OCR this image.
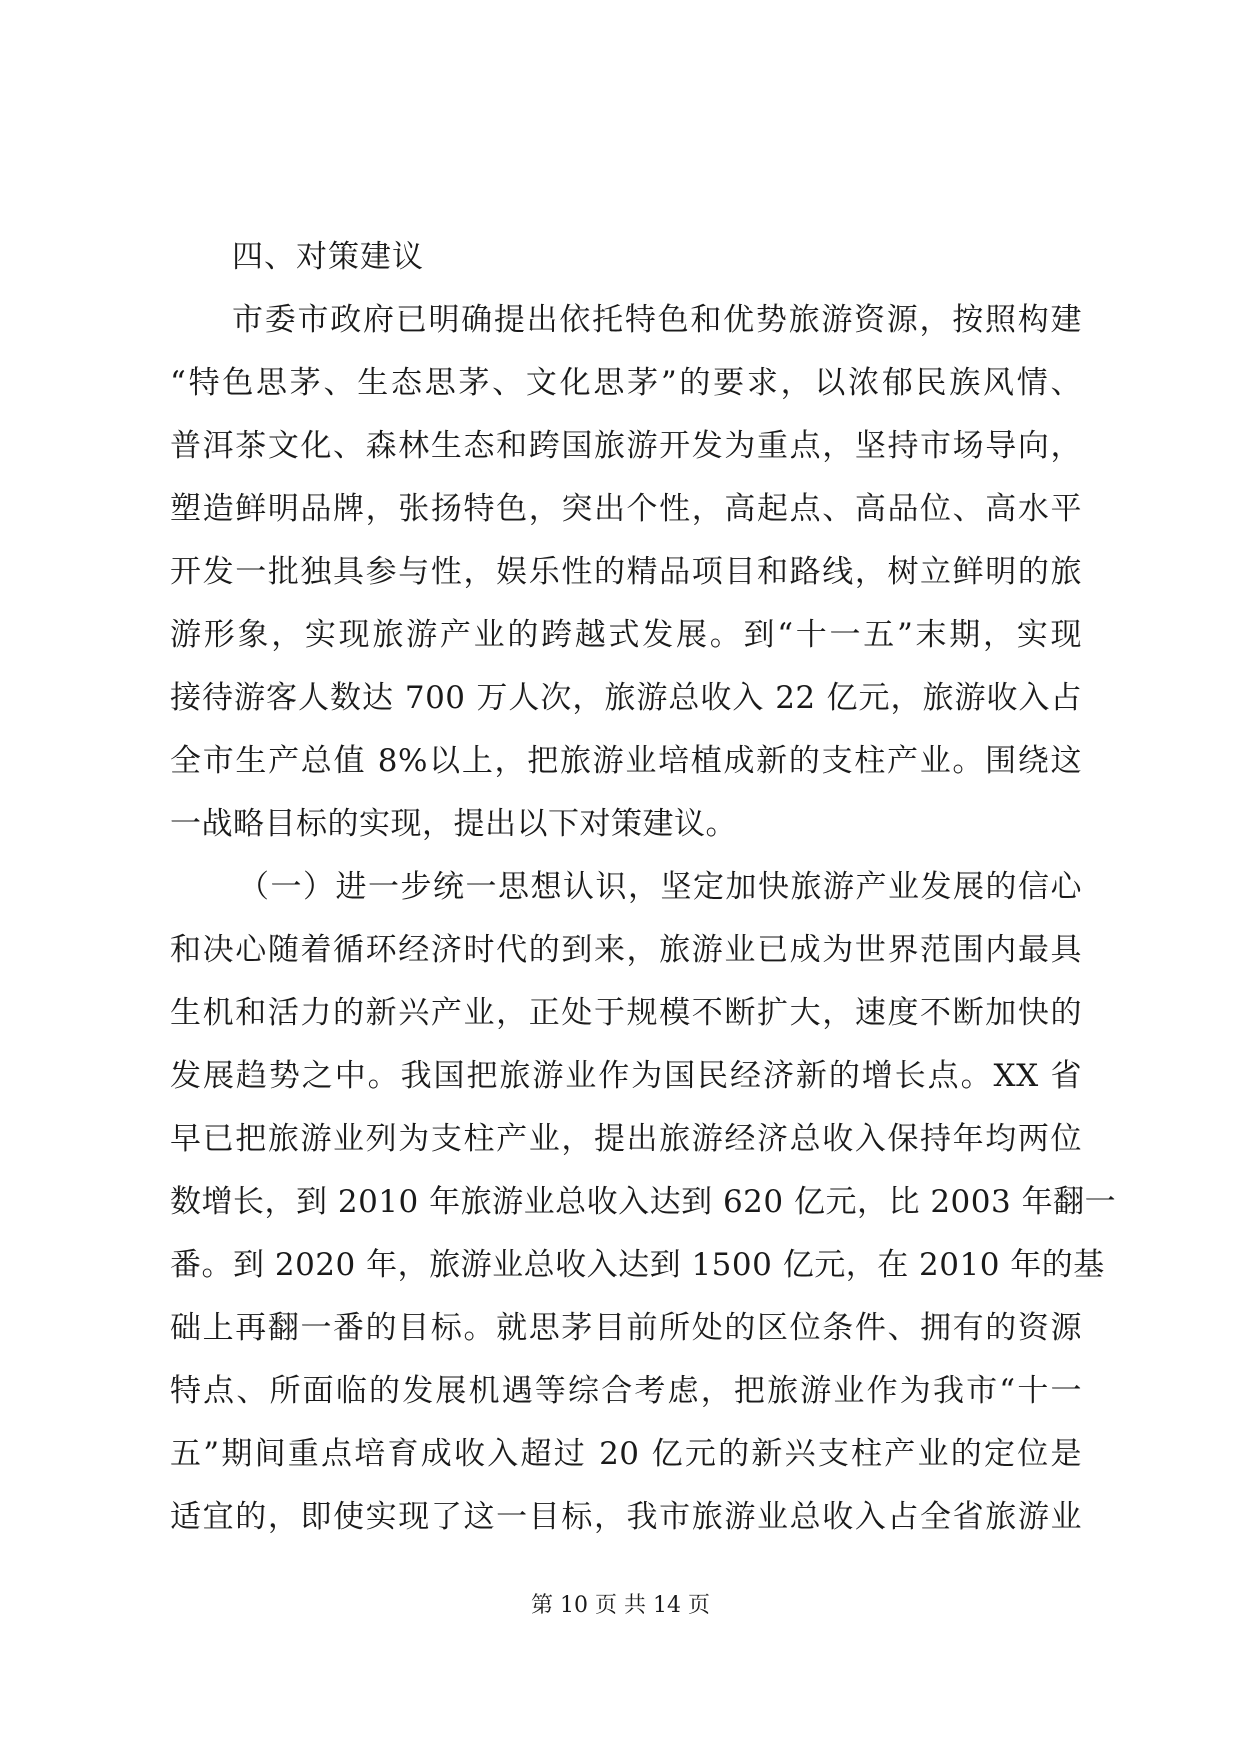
四、对策建议
市委市政府已明确提出依托特色和优势旅游资源，按照构建
“特色思茅、生态思茅、文化思茅”的要求，以浓郁民族风情、
普洱茶文化、森林生态和跨国旅游开发为重点，坚持市场导向，
塑造鲜明品牌，张扬特色，突出个性，高起点、高品位、高水平
开发一批独具参与性，娱乐性的精品项目和路线，树立鲜明的旅
游形象，实现旅游产业的跨越式发展。到“十一五”末期，实现
接待游客人数达 700 万人次，旅游总收入 22 亿元，旅游收入占
全市生产总值 8%以上，把旅游业培植成新的支柱产业。围绕这
一战略目标的实现，提出以下对策建议。
（一）进一步统一思想认识，坚定加快旅游产业发展的信心
和决心随着循环经济时代的到来，旅游业已成为世界范围内最具
生机和活力的新兴产业，正处于规模不断扩大，速度不断加快的
发展趋势之中。我国把旅游业作为国民经济新的增长点。XX 省
早已把旅游业列为支柱产业，提出旅游经济总收入保持年均两位
数增长，到 2010 年旅游业总收入达到 620 亿元，比 2003 年翻一
番。到 2020 年，旅游业总收入达到 1500 亿元，在 2010 年的基
础上再翻一番的目标。就思茅目前所处的区位条件、拥有的资源
特点、所面临的发展机遇等综合考虑，把旅游业作为我市“十一
五”期间重点培育成收入超过 20 亿元的新兴支柱产业的定位是
适宜的，即使实现了这一目标，我市旅游业总收入占全省旅游业
第 10 页 共 14 页
